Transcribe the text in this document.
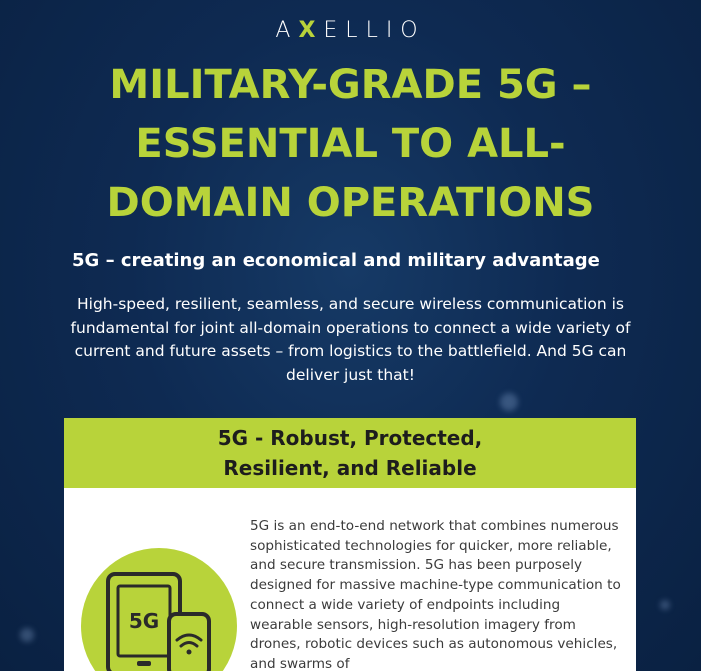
AXELLIO
MILITARY-GRADE 5G –
ESSENTIAL TO ALL-
DOMAIN OPERATIONS
5G – creating an economical and military advantage

High-speed, resilient, seamless, and secure wireless communication is fundamental for joint all-domain operations to connect a wide variety of current and future assets – from logistics to the battlefield. And 5G can deliver just that!

5G - Robust, Protected,
Resilient, and Reliable
5G

5G is an end-to-end network that combines numerous sophisticated technologies for quicker, more reliable, and secure transmission. 5G has been purposely designed for massive machine-type communication to connect a wide variety of endpoints including wearable sensors, high-resolution imagery from drones, robotic devices such as autonomous vehicles, and swarms of
